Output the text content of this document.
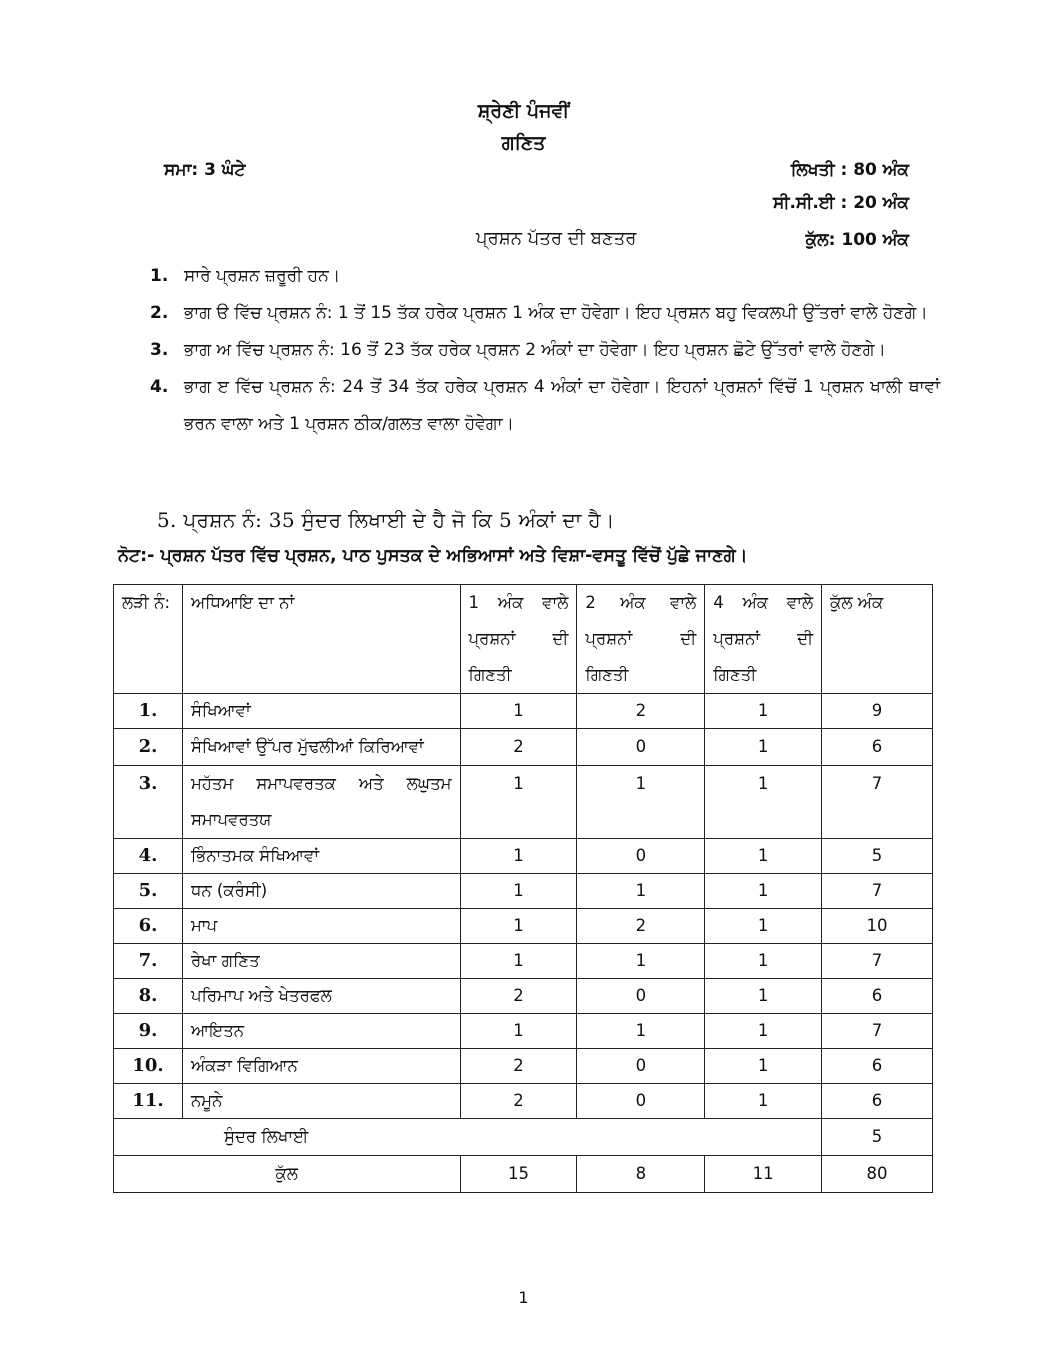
ਸ਼੍ਰੇਣੀ ਪੰਜਵੀਂ
ਗਣਿਤ
ਸਮਾ: 3 ਘੰਟੇ	ਲਿਖਤੀ : 80 ਅੰਕ
ਸੀ.ਸੀ.ਈ : 20 ਅੰਕ
ਪ੍ਰਸ਼ਨ ਪੱਤਰ ਦੀ ਬਣਤਰ	ਕੁੱਲ: 100 ਅੰਕ
1. ਸਾਰੇ ਪ੍ਰਸ਼ਨ ਜ਼ਰੂਰੀ ਹਨ।
2. ਭਾਗ ੳ ਵਿੱਚ ਪ੍ਰਸ਼ਨ ਨੰ: 1 ਤੋਂ 15 ਤੱਕ ਹਰੇਕ ਪ੍ਰਸ਼ਨ 1 ਅੰਕ ਦਾ ਹੋਵੇਗਾ। ਇਹ ਪ੍ਰਸ਼ਨ ਬਹੁ ਵਿਕਲਪੀ ਉੱਤਰਾਂ ਵਾਲੇ ਹੋਣਗੇ।
3. ਭਾਗ ਅ ਵਿੱਚ ਪ੍ਰਸ਼ਨ ਨੰ: 16 ਤੋਂ 23 ਤੱਕ ਹਰੇਕ ਪ੍ਰਸ਼ਨ 2 ਅੰਕਾਂ ਦਾ ਹੋਵੇਗਾ। ਇਹ ਪ੍ਰਸ਼ਨ ਛੋਟੇ ਉੱਤਰਾਂ ਵਾਲੇ ਹੋਣਗੇ।
4. ਭਾਗ ੲ ਵਿੱਚ ਪ੍ਰਸ਼ਨ ਨੰ: 24 ਤੋਂ 34 ਤੱਕ ਹਰੇਕ ਪ੍ਰਸ਼ਨ 4 ਅੰਕਾਂ ਦਾ ਹੋਵੇਗਾ। ਇਹਨਾਂ ਪ੍ਰਸ਼ਨਾਂ ਵਿੱਚੋਂ 1 ਪ੍ਰਸ਼ਨ ਖਾਲੀ ਥਾਵਾਂ ਭਰਨ ਵਾਲਾ ਅਤੇ 1 ਪ੍ਰਸ਼ਨ ਠੀਕ/ਗਲਤ ਵਾਲਾ ਹੋਵੇਗਾ।
5. ਪ੍ਰਸ਼ਨ ਨੰ: 35 ਸੁੰਦਰ ਲਿਖਾਈ ਦੇ ਹੈ ਜੋ ਕਿ 5 ਅੰਕਾਂ ਦਾ ਹੈ।
ਨੋਟ:- ਪ੍ਰਸ਼ਨ ਪੱਤਰ ਵਿੱਚ ਪ੍ਰਸ਼ਨ, ਪਾਠ ਪੁਸਤਕ ਦੇ ਅਭਿਆਸਾਂ ਅਤੇ ਵਿਸ਼ਾ-ਵਸਤੂ ਵਿੱਚੋਂ ਪੁੱਛੇ ਜਾਣਗੇ।
ਲੜੀ ਨੰ:	ਅਧਿਆਇ ਦਾ ਨਾਂ	1 ਅੰਕ ਵਾਲੇ ਪ੍ਰਸ਼ਨਾਂ ਦੀ ਗਿਣਤੀ	2 ਅੰਕ ਵਾਲੇ ਪ੍ਰਸ਼ਨਾਂ ਦੀ ਗਿਣਤੀ	4 ਅੰਕ ਵਾਲੇ ਪ੍ਰਸ਼ਨਾਂ ਦੀ ਗਿਣਤੀ	ਕੁੱਲ ਅੰਕ
1.	ਸੰਖਿਆਵਾਂ	1	2	1	9
2.	ਸੰਖਿਆਵਾਂ ਉੱਪਰ ਮੁੱਢਲੀਆਂ ਕਿਰਿਆਵਾਂ	2	0	1	6
3.	ਮਹੱਤਮ ਸਮਾਪਵਰਤਕ ਅਤੇ ਲਘੁਤਮ ਸਮਾਪਵਰਤਯ	1	1	1	7
4.	ਭਿੰਨਾਤਮਕ ਸੰਖਿਆਵਾਂ	1	0	1	5
5.	ਧਨ (ਕਰੰਸੀ)	1	1	1	7
6.	ਮਾਪ	1	2	1	10
7.	ਰੇਖਾ ਗਣਿਤ	1	1	1	7
8.	ਪਰਿਮਾਪ ਅਤੇ ਖੇਤਰਫਲ	2	0	1	6
9.	ਆਇਤਨ	1	1	1	7
10.	ਅੰਕੜਾ ਵਿਗਿਆਨ	2	0	1	6
11.	ਨਮੂਨੇ	2	0	1	6
ਸੁੰਦਰ ਲਿਖਾਈ					5
ਕੁੱਲ		15	8	11	80
1
